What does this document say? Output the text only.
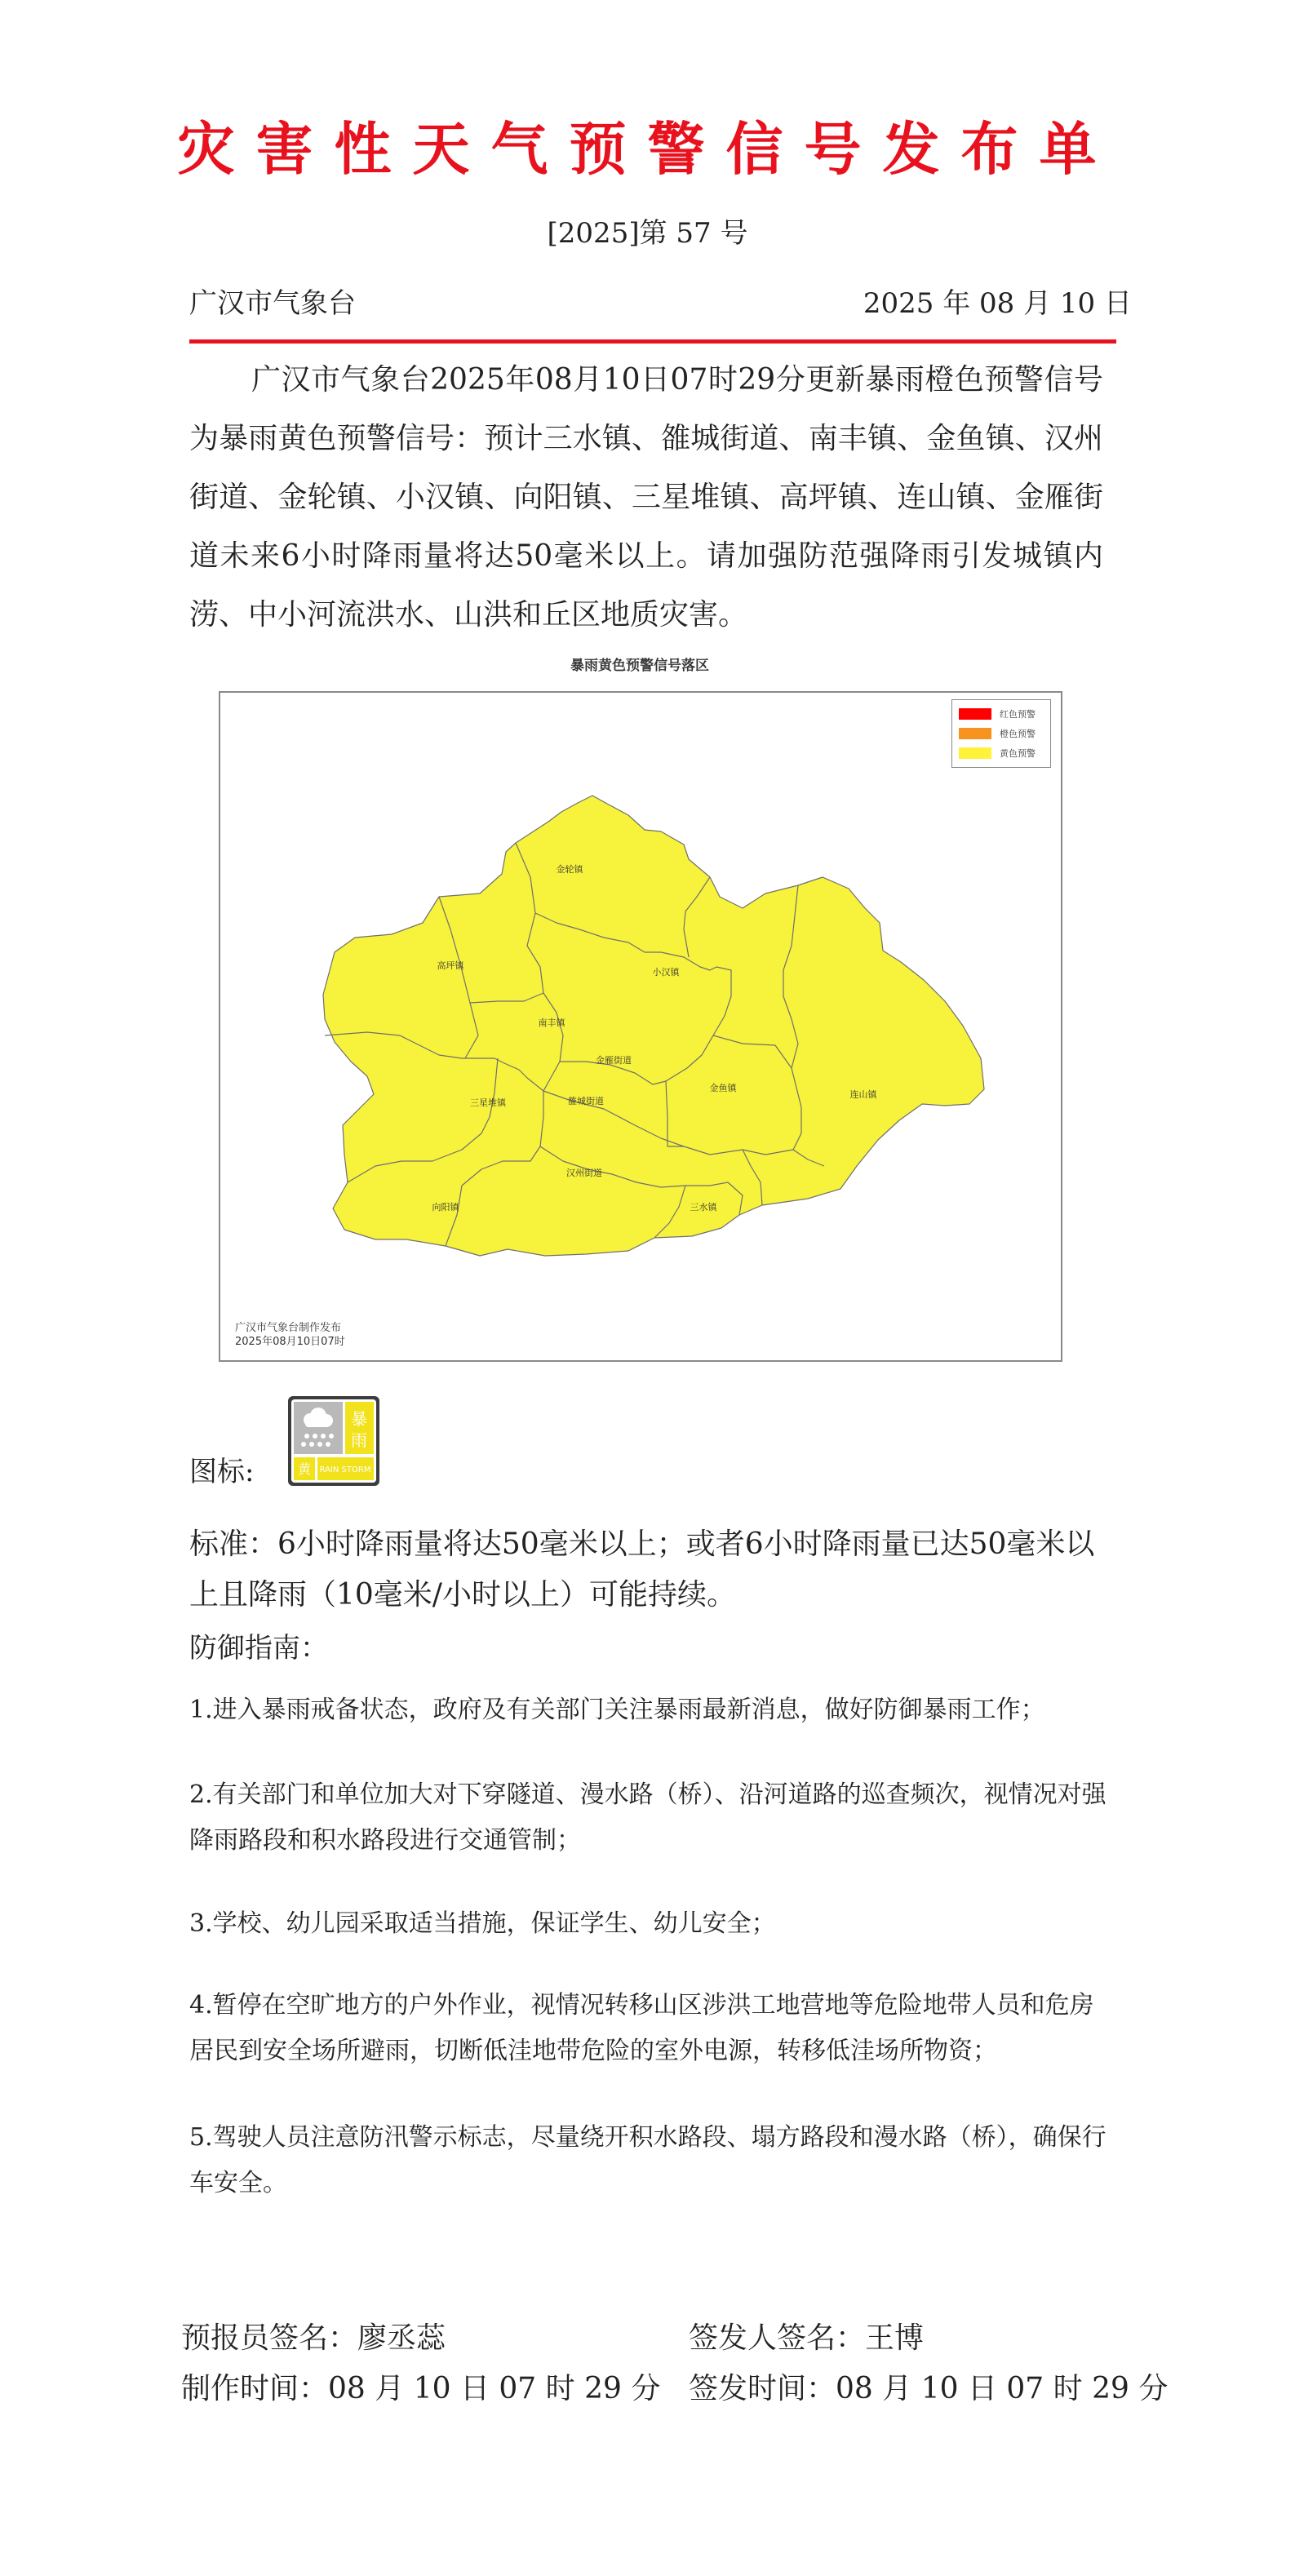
灾害性天气预警信号发布单
[2025]第 57 号
广汉市气象台	2025 年 08 月 10 日
广汉市气象台2025年08月10日07时29分更新暴雨橙色预警信号为暴雨黄色预警信号：预计三水镇、雒城街道、南丰镇、金鱼镇、汉州街道、金轮镇、小汉镇、向阳镇、三星堆镇、高坪镇、连山镇、金雁街道未来6小时降雨量将达50毫米以上。请加强防范强降雨引发城镇内涝、中小河流洪水、山洪和丘区地质灾害。
暴雨黄色预警信号落区
金轮镇
高坪镇
小汉镇
南丰镇
金雁街道
金鱼镇
连山镇
三星堆镇	雒城街道
汉州街道
向阳镇	三水镇
红色预警
橙色预警
黄色预警
广汉市气象台制作发布
2025年08月10日07时
图标:
暴
雨
黄 RAIN STORM
标准：6小时降雨量将达50毫米以上；或者6小时降雨量已达50毫米以上且降雨（10毫米/小时以上）可能持续。
防御指南：
1.进入暴雨戒备状态，政府及有关部门关注暴雨最新消息，做好防御暴雨工作；
2.有关部门和单位加大对下穿隧道、漫水路（桥）、沿河道路的巡查频次，视情况对强降雨路段和积水路段进行交通管制；
3.学校、幼儿园采取适当措施，保证学生、幼儿安全；
4.暂停在空旷地方的户外作业，视情况转移山区涉洪工地营地等危险地带人员和危房居民到安全场所避雨，切断低洼地带危险的室外电源，转移低洼场所物资；
5.驾驶人员注意防汛警示标志，尽量绕开积水路段、塌方路段和漫水路（桥），确保行车安全。
预报员签名：廖丞蕊	签发人签名：王博
制作时间：08 月 10 日 07 时 29 分 签发时间：08 月 10 日 07 时 29 分
